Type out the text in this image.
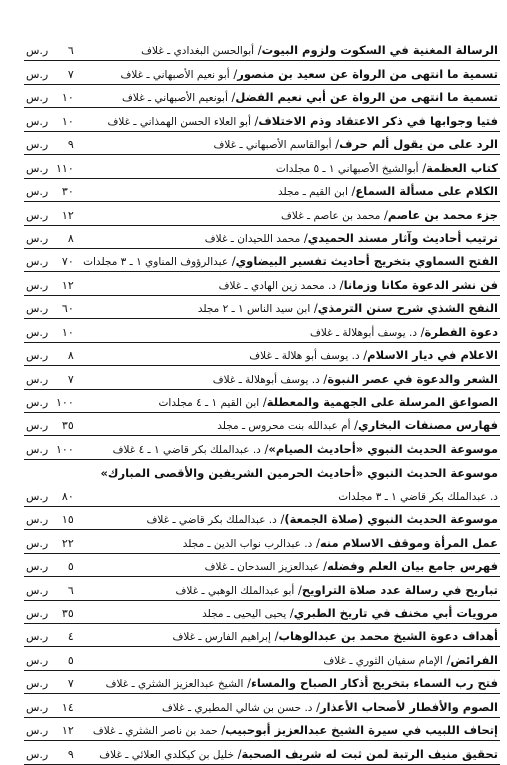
الرسالة المغنية في السكوت ولزوم البيوت/ أبوالحسن البغدادي ـ غلاف
٦ ر.س
تسمية ما انتهى من الرواة عن سعيد بن منصور/ أبو نعيم الأصبهاني ـ غلاف
٧ ر.س
تسمية ما انتهى من الرواة عن أبي نعيم الفضل/ أبونعيم الأصبهاني ـ غلاف
١٠ ر.س
فتيا وجوابها في ذكر الاعتقاد وذم الاختلاف/ أبو العلاء الحسن الهمذاني ـ غلاف
١٠ ر.س
الرد على من يقول ألم حرف/ أبوالقاسم الأصبهاني ـ غلاف
٩ ر.س
كتاب العظمة/ أبوالشيخ الأصبهاني ١ ـ ٥ مجلدات
١١٠ ر.س
الكلام على مسألة السماع/ ابن القيم ـ مجلد
٣٠ ر.س
جزء محمد بن عاصم/ محمد بن عاصم ـ غلاف
١٢ ر.س
ترتيب أحاديث وآثار مسند الحميدي/ محمد اللحيدان ـ غلاف
٨ ر.س
الفتح السماوي بتخريج أحاديث تفسير البيضاوي/ عبدالرؤوف المناوي ١ ـ ٣ مجلدات
٧٠ ر.س
فن نشر الدعوة مكانا وزمانا/ د. محمد زين الهادي ـ غلاف
١٢ ر.س
النفح الشذي شرح سنن الترمذي/ ابن سيد الناس ١ ـ ٢ مجلد
٦٠ ر.س
دعوة الفطرة/ د. يوسف أبوهلالة ـ غلاف
١٠ ر.س
الاعلام في ديار الاسلام/ د. يوسف أبو هلالة ـ غلاف
٨ ر.س
الشعر والدعوة في عصر النبوة/ د. يوسف أبوهلالة ـ غلاف
٧ ر.س
الصواعق المرسلة على الجهمية والمعطلة/ ابن القيم ١ ـ ٤ مجلدات
١٠٠ ر.س
فهارس مصنفات البخاري/ أم عبدالله بنت محروس ـ مجلد
٣٥ ر.س
موسوعة الحديث النبوي «أحاديث الصيام»/ د. عبدالملك بكر قاضي ١ ـ ٤ غلاف
١٠٠ ر.س
موسوعة الحديث النبوي «أحاديث الحرمين الشريفين والأقصى المبارك»
د. عبدالملك بكر قاضي ١ ـ ٣ مجلدات
٨٠ ر.س
موسوعة الحديث النبوي (صلاة الجمعة)/ د. عبدالملك بكر قاضي ـ غلاف
١٥ ر.س
عمل المرأة وموقف الاسلام منه/ د. عبدالرب نواب الدين ـ مجلد
٢٢ ر.س
فهرس جامع بيان العلم وفضله/ عبدالعزيز السدحان ـ غلاف
٥ ر.س
تباريح في رسالة عدد صلاة التراويح/ أبو عبدالملك الوهبي ـ غلاف
٦ ر.س
مرويات أبي مخنف في تاريخ الطبري/ يحيى اليحيى ـ مجلد
٣٥ ر.س
أهداف دعوة الشيخ محمد بن عبدالوهاب/ إبراهيم الفارس ـ غلاف
٤ ر.س
الفرائض/ الإمام سفيان الثوري ـ غلاف
٥ ر.س
فتح رب السماء بتخريج أذكار الصباح والمساء/ الشيخ عبدالعزيز الشثري ـ غلاف
٧ ر.س
الصوم والأفطار لأصحاب الأعذار/ د. حسن بن شالي المطيري ـ غلاف
١٤ ر.س
إتحاف اللبيب في سيرة الشيخ عبدالعزيز أبوحبيب/ حمد بن ناصر الشثري ـ غلاف
١٢ ر.س
تحقيق منيف الرتبة لمن ثبت له شريف الصحبة/ خليل بن كيكلدي العلائي ـ غلاف
٩ ر.س
